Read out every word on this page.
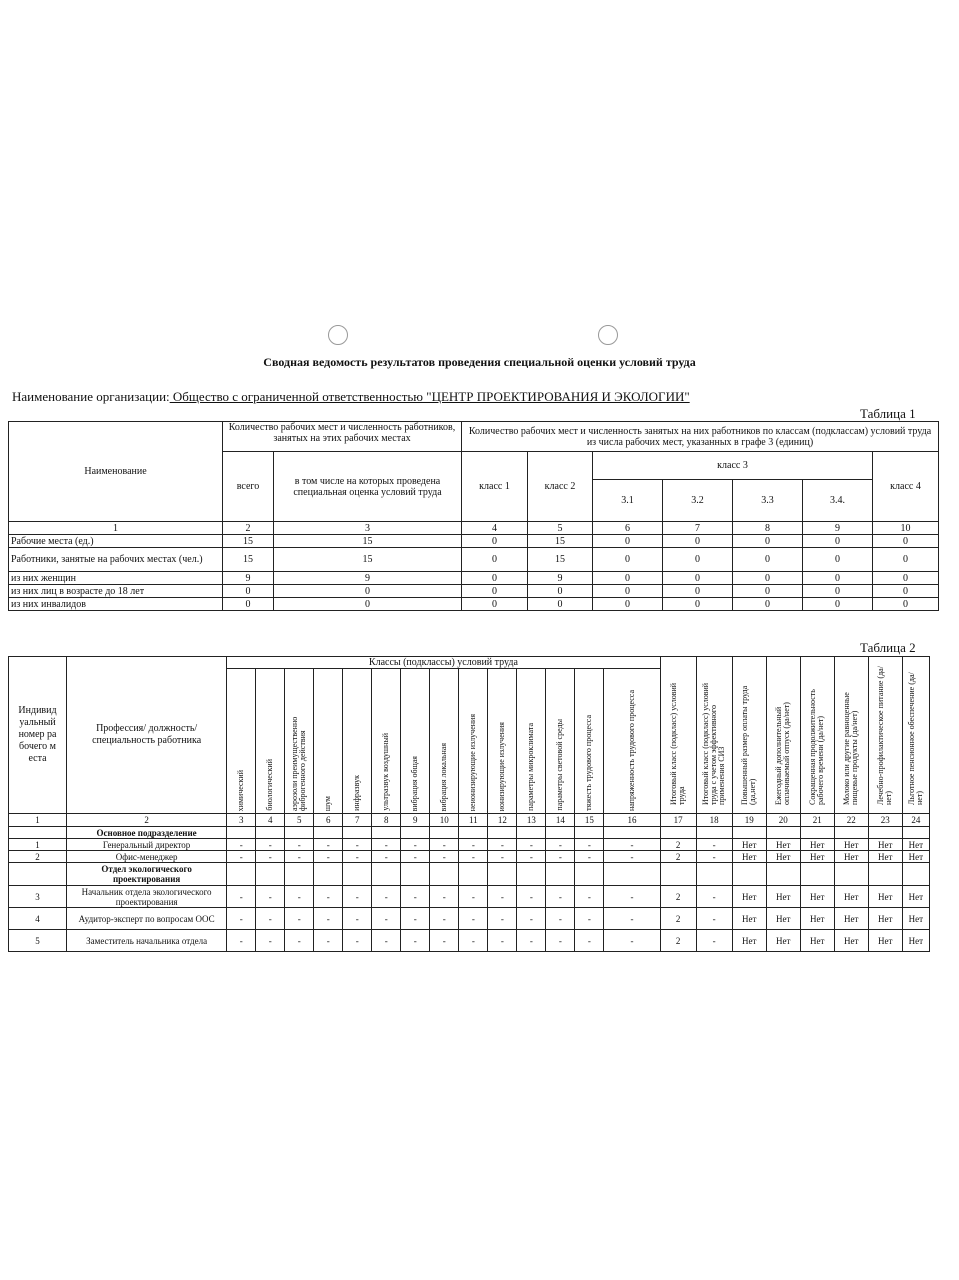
Сводная ведомость результатов проведения специальной оценки условий труда
Наименование организации: Общество с ограниченной ответственностью "ЦЕНТР ПРОЕКТИРОВАНИЯ И ЭКОЛОГИИ"
Таблица 1
Наименование	Количество рабочих мест и численность работников, занятых на этих рабочих местах		Количество рабочих мест и численность занятых на них работников по классам (подклассам) условий труда из числа рабочих мест, указанных в графе 3 (единиц)						
	всего	в том числе на которых проведена специальная оценка условий труда	класс 1	класс 2	класс 3				класс 4
					3.1	3.2	3.3	3.4.	
1	2	3	4	5	6	7	8	9	10
Рабочие места (ед.)	15	15	0	15	0	0	0	0	0
Работники, занятые на рабочих местах (чел.)	15	15	0	15	0	0	0	0	0
из них женщин	9	9	0	9	0	0	0	0	0
из них лиц в возрасте до 18 лет	0	0	0	0	0	0	0	0	0
из них инвалидов	0	0	0	0	0	0	0	0	0
Таблица 2
Индивидуальный номер рабочего места	Профессия/ должность/ специальность работника	Классы (подклассы) условий труда														Итоговый класс (подкласс) условий труда	Итоговый класс (подкласс) условий труда с учетом эффективного применения СИЗ	Повышенный размер оплаты труда (да,нет)	Ежегодный дополнительный оплачиваемый отпуск (да/нет)	Сокращенная продолжительность рабочего времени (да/нет)	Молоко или другие равноценные пищевые продукты (да/нет)	Лечебно-профилактическое питание (да/нет)	Льготное пенсионное обеспечение (да/нет)

		химический	биологический	аэрозоли преимущественно фиброгенного действия	шум	инфразвук	ультразвук воздушный	вибрация общая	вибрация локальная	неионизирующие излучения	ионизирующие излучения	параметры микроклимата	параметры световой среды	тяжесть трудового процесса	напряженность трудового процесса								

1	2	3	4	5	6	7	8	9	10	11	12	13	14	15	16	17	18	19	20	21	22	23	24
	Основное подразделение																						
1	Генеральный директор	-	-	-	-	-	-	-	-	-	-	-	-	-	-	2	-	Нет	Нет	Нет	Нет	Нет	Нет
2	Офис-менеджер	-	-	-	-	-	-	-	-	-	-	-	-	-	-	2	-	Нет	Нет	Нет	Нет	Нет	Нет
	Отдел экологического проектирования																						
3	Начальник отдела экологического проектирования	-	-	-	-	-	-	-	-	-	-	-	-	-	-	2	-	Нет	Нет	Нет	Нет	Нет	Нет
4	Аудитор-эксперт по вопросам ООС	-	-	-	-	-	-	-	-	-	-	-	-	-	-	2	-	Нет	Нет	Нет	Нет	Нет	Нет
5	Заместитель начальника отдела	-	-	-	-	-	-	-	-	-	-	-	-	-	-	2	-	Нет	Нет	Нет	Нет	Нет	Нет
